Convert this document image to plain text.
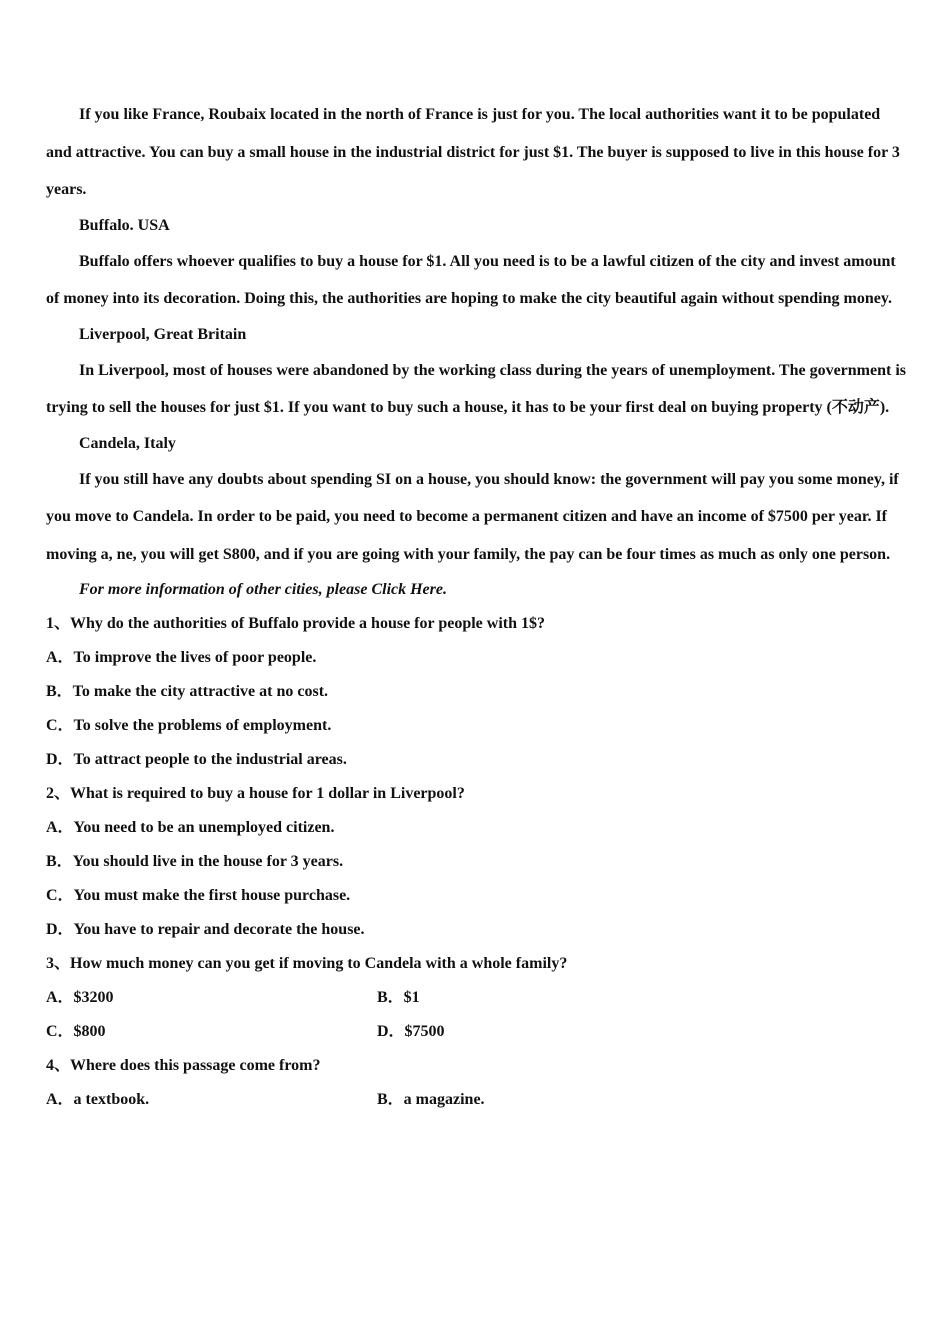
If you like France, Roubaix located in the north of France is just for you. The local authorities want it to be populated and attractive. You can buy a small house in the industrial district for just $1. The buyer is supposed to live in this house for 3 years.

Buffalo. USA

Buffalo offers whoever qualifies to buy a house for $1. All you need is to be a lawful citizen of the city and invest amount of money into its decoration. Doing this, the authorities are hoping to make the city beautiful again without spending money.

Liverpool, Great Britain

In Liverpool, most of houses were abandoned by the working class during the years of unemployment. The government is trying to sell the houses for just $1. If you want to buy such a house, it has to be your first deal on buying property (不动产).

Candela, Italy

If you still have any doubts about spending SI on a house, you should know: the government will pay you some money, if you move to Candela. In order to be paid, you need to become a permanent citizen and have an income of $7500 per year. If moving a, ne, you will get S800, and if you are going with your family, the pay can be four times as much as only one person.

For more information of other cities, please Click Here.

1、Why do the authorities of Buffalo provide a house for people with 1$?

A．To improve the lives of poor people.

B．To make the city attractive at no cost.

C．To solve the problems of employment.

D．To attract people to the industrial areas.

2、What is required to buy a house for 1 dollar in Liverpool?

A．You need to be an unemployed citizen.

B．You should live in the house for 3 years.

C．You must make the first house purchase.

D．You have to repair and decorate the house.

3、How much money can you get if moving to Candela with a whole family?

A．$3200	B．$1
C．$800	D．$7500

4、Where does this passage come from?

A．a textbook.	B．a magazine.
